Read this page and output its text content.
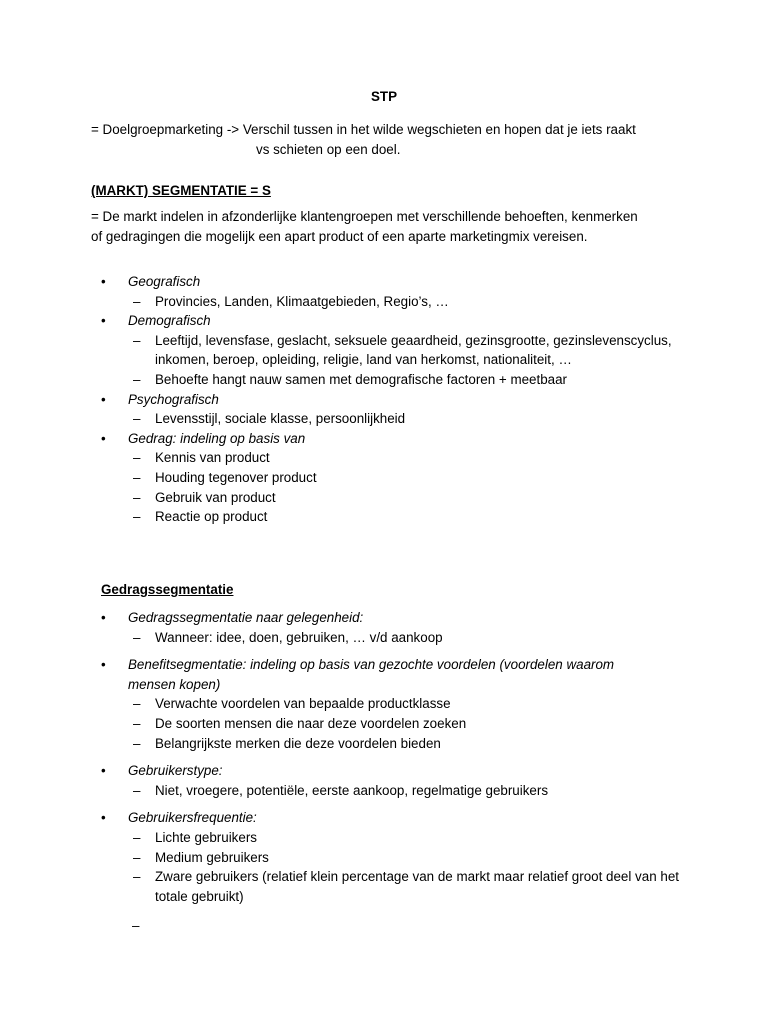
STP
= Doelgroepmarketing -> Verschil tussen in het wilde wegschieten en hopen dat je iets raakt
vs schieten op een doel.
(MARKT) SEGMENTATIE = S
= De markt indelen in afzonderlijke klantengroepen met verschillende behoeften, kenmerken of gedragingen die mogelijk een apart product of een aparte marketingmix vereisen.
• Geografisch
– Provincies, Landen, Klimaatgebieden, Regio’s, …
• Demografisch
– Leeftijd, levensfase, geslacht, seksuele geaardheid, gezinsgrootte, gezinslevenscyclus, inkomen, beroep, opleiding, religie, land van herkomst, nationaliteit, …
– Behoefte hangt nauw samen met demografische factoren + meetbaar
• Psychografisch
– Levensstijl, sociale klasse, persoonlijkheid
• Gedrag: indeling op basis van
– Kennis van product
– Houding tegenover product
– Gebruik van product
– Reactie op product
Gedragssegmentatie
• Gedragssegmentatie naar gelegenheid:
– Wanneer: idee, doen, gebruiken, … v/d aankoop
• Benefitsegmentatie: indeling op basis van gezochte voordelen (voordelen waarom mensen kopen)
– Verwachte voordelen van bepaalde productklasse
– De soorten mensen die naar deze voordelen zoeken
– Belangrijkste merken die deze voordelen bieden
• Gebruikerstype:
– Niet, vroegere, potentiële, eerste aankoop, regelmatige gebruikers
• Gebruikersfrequentie:
– Lichte gebruikers
– Medium gebruikers
– Zware gebruikers (relatief klein percentage van de markt maar relatief groot deel van het totale gebruikt)
–
